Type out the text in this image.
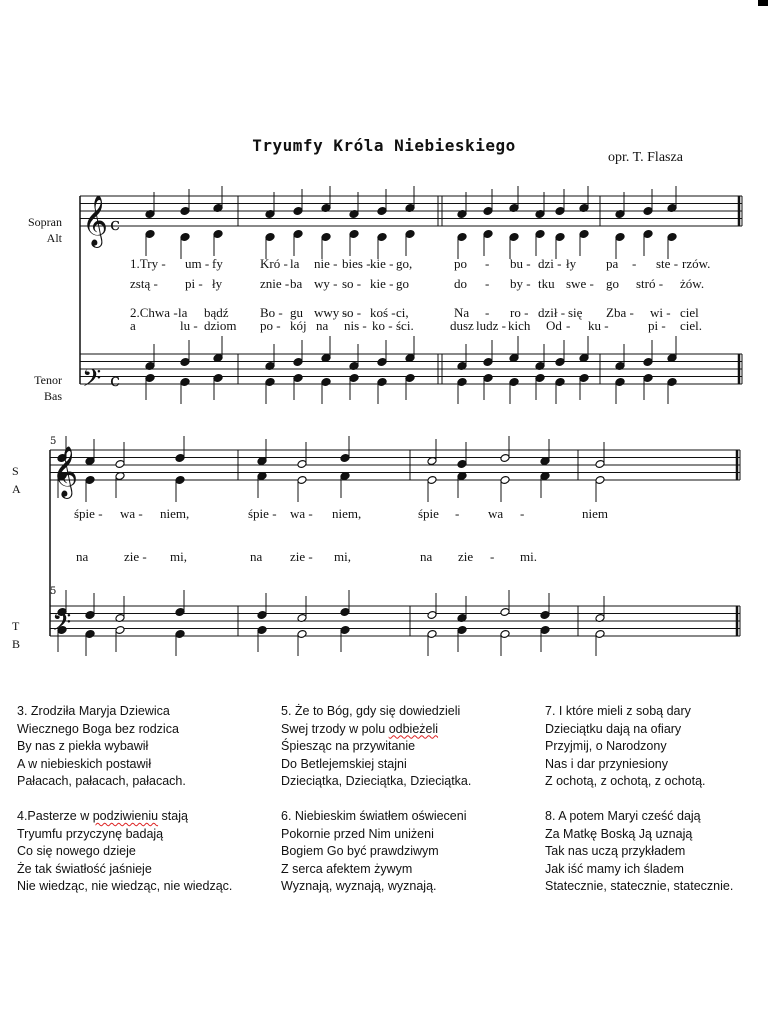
Tryumfy Króla Niebieskiego
opr. T. Flasza
𝄞
𝄢
𝄞
𝄢
c
c
5
5
Sopran
Alt
Tenor
Bas
S
A
T
B
1.Try - um - fy	Kró - la nie - bies - kie - go,	po - bu - dzi - ły pa - ste - rzów.
zstą - pi - ły	znie - ba wy - so - kie - go	do - by - tku swe - go stró - żów.
2.Chwa - la bądź Bo - gu wwy -
so - koś - ci,	Na - ro - dził - się Zba - wi - ciel
a	lu - dziom po - kój na nis - ko - ści.	dusz ludz - kich Od - ku -	pi - ciel.
śpie - wa - niem,	śpie - wa - niem,	śpie - wa -	niem
na	zie - mi,	na zie - mi,	na zie - mi.
3. Zrodziła Maryja Dziewica
Wiecznego Boga bez rodzica
By nas z piekła wybawił
A w niebieskich postawił
Pałacach, pałacach, pałacach.
4.Pasterze w podziwieniu stają
Tryumfu przyczynę badają
Co się nowego dzieje
Że tak światłość jaśnieje
Nie wiedząc, nie wiedząc, nie wiedząc.
5. Że to Bóg, gdy się dowiedzieli
Swej trzody w polu odbieżeli
Śpiesząc na przywitanie
Do Betlejemskiej stajni
Dzieciątka, Dzieciątka, Dzieciątka.
6. Niebieskim światłem oświeceni
Pokornie przed Nim uniżeni
Bogiem Go być prawdziwym
Z serca afektem żywym
Wyznają, wyznają, wyznają.
7. I które mieli z sobą dary
Dzieciątku dają na ofiary
Przyjmij, o Narodzony
Nas i dar przyniesiony
Z ochotą, z ochotą, z ochotą.
8. A potem Maryi cześć dają
Za Matkę Boską Ją uznają
Tak nas uczą przykładem
Jak iść mamy ich śladem
Statecznie, statecznie, statecznie.
